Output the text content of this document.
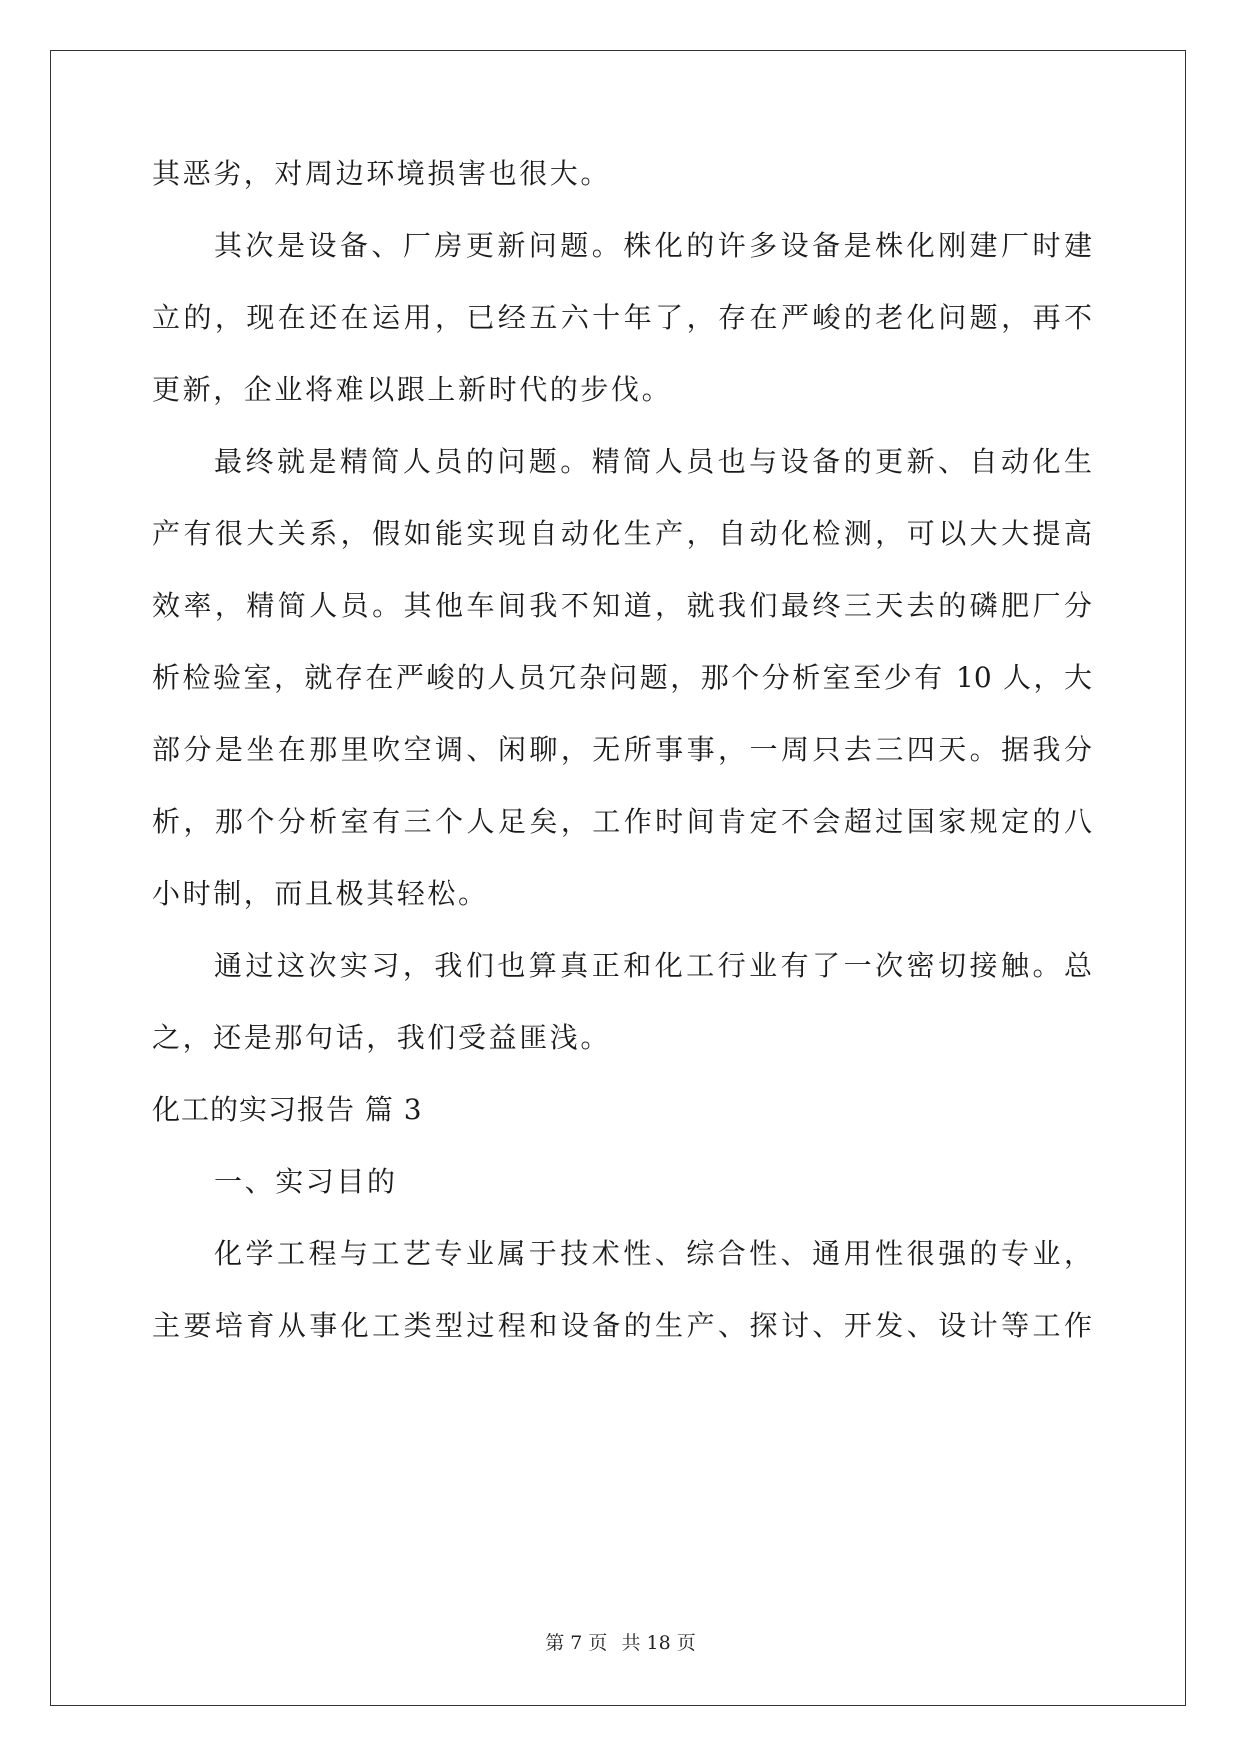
其恶劣，对周边环境损害也很大。
其次是设备、厂房更新问题。株化的许多设备是株化刚建厂时建
立的，现在还在运用，已经五六十年了，存在严峻的老化问题，再不
更新，企业将难以跟上新时代的步伐。
最终就是精简人员的问题。精简人员也与设备的更新、自动化生
产有很大关系，假如能实现自动化生产，自动化检测，可以大大提高
效率，精简人员。其他车间我不知道，就我们最终三天去的磷肥厂分
析检验室，就存在严峻的人员冗杂问题，那个分析室至少有 10 人，大
部分是坐在那里吹空调、闲聊，无所事事，一周只去三四天。据我分
析，那个分析室有三个人足矣，工作时间肯定不会超过国家规定的八
小时制，而且极其轻松。
通过这次实习，我们也算真正和化工行业有了一次密切接触。总
之，还是那句话，我们受益匪浅。
化工的实习报告 篇 3
一、实习目的
化学工程与工艺专业属于技术性、综合性、通用性很强的专业，
主要培育从事化工类型过程和设备的生产、探讨、开发、设计等工作
第 7 页 共 18 页
